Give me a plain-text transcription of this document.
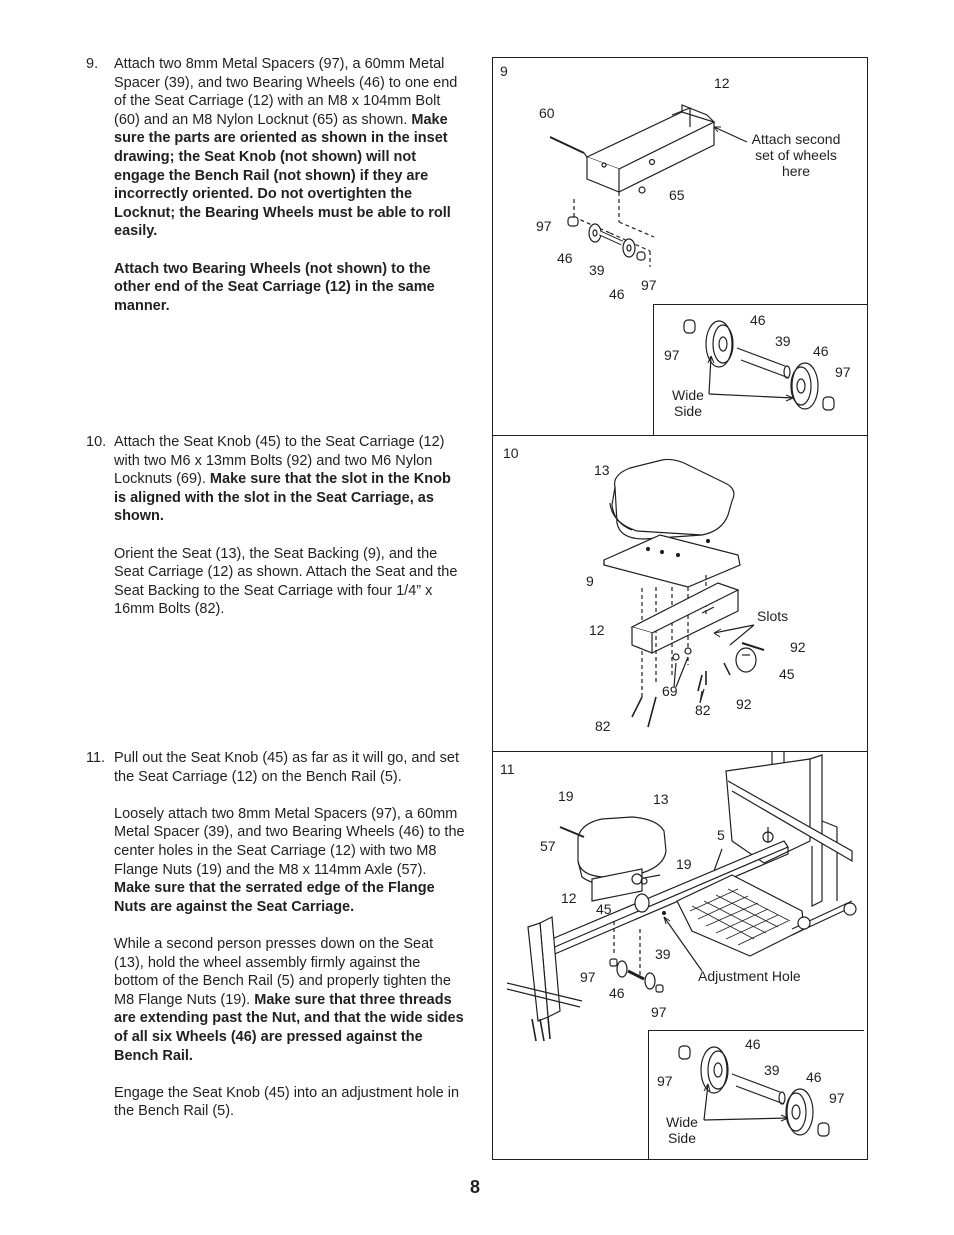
9. Attach two 8mm Metal Spacers (97), a 60mm Metal Spacer (39), and two Bearing Wheels (46) to one end of the Seat Carriage (12) with an M8 x 104mm Bolt (60) and an M8 Nylon Locknut (65) as shown. Make sure the parts are oriented as shown in the inset drawing; the Seat Knob (not shown) will not engage the Bench Rail (not shown) if they are incorrectly oriented. Do not overtighten the Locknut; the Bearing Wheels must be able to roll easily.

Attach two Bearing Wheels (not shown) to the other end of the Seat Carriage (12) in the same manner.

10. Attach the Seat Knob (45) to the Seat Carriage (12) with two M6 x 13mm Bolts (92) and two M6 Nylon Locknuts (69). Make sure that the slot in the Knob is aligned with the slot in the Seat Carriage, as shown.

Orient the Seat (13), the Seat Backing (9), and the Seat Carriage (12) as shown. Attach the Seat and the Seat Backing to the Seat Carriage with four 1/4” x 16mm Bolts (82).

11. Pull out the Seat Knob (45) as far as it will go, and set the Seat Carriage (12) on the Bench Rail (5).

Loosely attach two 8mm Metal Spacers (97), a 60mm Metal Spacer (39), and two Bearing Wheels (46) to the center holes in the Seat Carriage (12) with two M8 Flange Nuts (19) and the M8 x 114mm Axle (57). Make sure that the serrated edge of the Flange Nuts are against the Seat Carriage.

While a second person presses down on the Seat (13), hold the wheel assembly firmly against the bottom of the Bench Rail (5) and properly tighten the M8 Flange Nuts (19). Make sure that three threads are extending past the Nut, and that the wide sides of all six Wheels (46) are pressed against the Bench Rail.

Engage the Seat Knob (45) into an adjustment hole in the Bench Rail (5).

9
12
60
65
97
46
39
46
97
Attach second set of wheels here
46
39
46
97
97
Wide Side
10
13
9
12
Slots
92
45
69
82 92
82
11
19	13
57
5
19
12
45
39
Adjustment Hole
97
46
97
46
39 46
97
97
Wide Side
8
